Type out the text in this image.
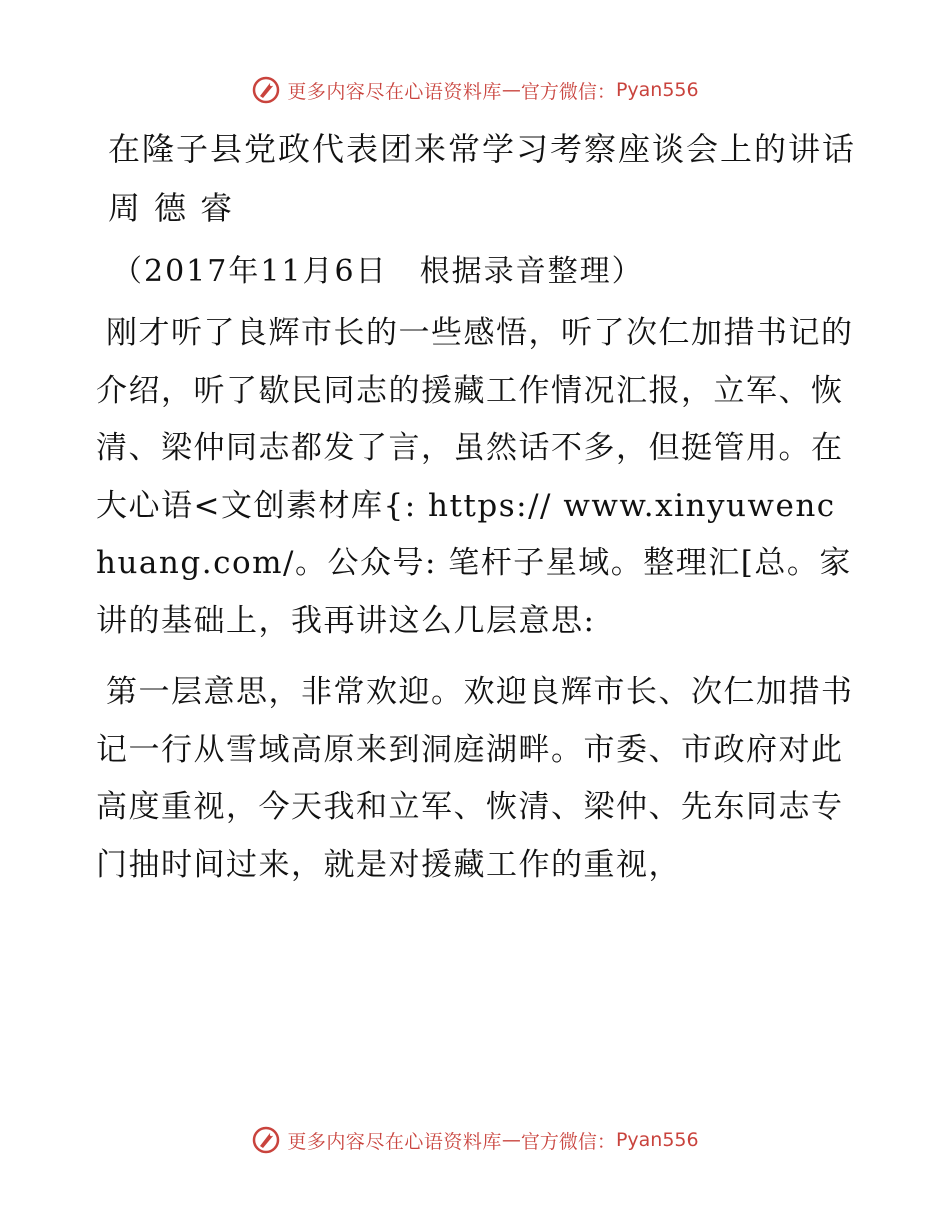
更多内容尽在心语资料库 — 官方微信： Pyan556
在隆子县党政代表团来常学习考察座谈会上的讲话

周德睿

（2017年11月6日　根据录音整理）

刚才听了良辉市长的一些感悟，听了次仁加措书记的介绍，听了歇民同志的援藏工作情况汇报，立军、恢清、梁仲同志都发了言，虽然话不多，但挺管用。在大心语<文创素材库{: https:// www.xinyuwenchuang.com/。公众号: 笔杆子星域。整理汇[总。家讲的基础上，我再讲这么几层意思:

第一层意思，非常欢迎。欢迎良辉市长、次仁加措书记一行从雪域高原来到洞庭湖畔。市委、市政府对此高度重视，今天我和立军、恢清、梁仲、先东同志专门抽时间过来，就是对援藏工作的重视，

更多内容尽在心语资料库 — 官方微信： Pyan556
